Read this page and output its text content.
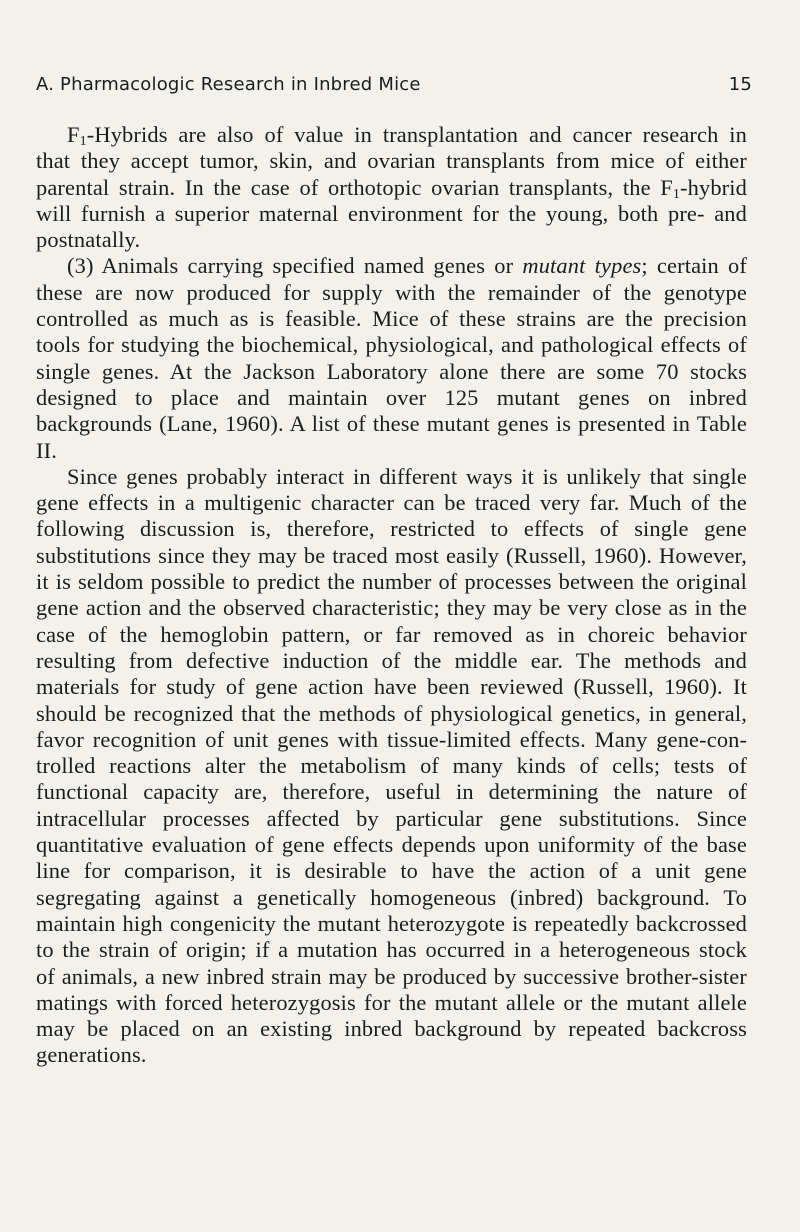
A. Pharmacologic Research in Inbred Mice	15

$F_1$-Hybrids are also of value in transplantation and cancer research in that they accept tumor, skin, and ovarian transplants from mice of either parental strain. In the case of orthotopic ovarian transplants, the $F_1$-hybrid will furnish a superior maternal environment for the young, both pre- and postnatally.

(3) Animals carrying specified named genes or mutant types; certain of these are now produced for supply with the remainder of the genotype controlled as much as is feasible. Mice of these strains are the precision tools for studying the biochemical, physiological, and pathological effects of single genes. At the Jackson Laboratory alone there are some 70 stocks designed to place and maintain over 125 mutant genes on inbred backgrounds (Lane, 1960). A list of these mutant genes is presented in Table II.

Since genes probably interact in different ways it is unlikely that single gene effects in a multigenic character can be traced very far. Much of the following discussion is, therefore, restricted to effects of single gene substitutions since they may be traced most easily (Russell, 1960). However, it is seldom possible to predict the number of processes between the original gene action and the observed characteristic; they may be very close as in the case of the hemoglobin pattern, or far removed as in choreic behavior resulting from defective induction of the middle ear. The methods and materials for study of gene action have been reviewed (Russell, 1960). It should be recognized that the methods of physiological genetics, in general, favor recognition of unit genes with tissue-limited effects. Many gene-controlled reactions alter the metabolism of many kinds of cells; tests of functional capacity are, therefore, useful in determining the nature of intracellular processes affected by particular gene substitutions. Since quantitative evaluation of gene effects depends upon uniformity of the base line for comparison, it is desirable to have the action of a unit gene segregating against a genetically homogeneous (inbred) background. To maintain high congenicity the mutant heterozygote is repeatedly backcrossed to the strain of origin; if a mutation has occurred in a heterogeneous stock of animals, a new inbred strain may be produced by successive brother-sister matings with forced heterozygosis for the mutant allele or the mutant allele may be placed on an existing inbred background by repeated backcross generations.
